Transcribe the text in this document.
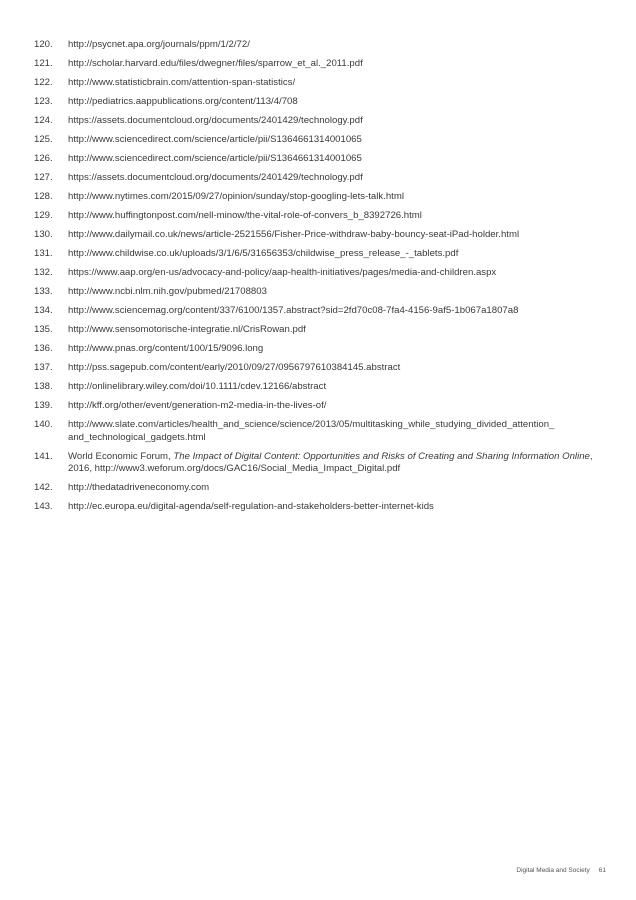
120.	http://psycnet.apa.org/journals/ppm/1/2/72/
121.	http://scholar.harvard.edu/files/dwegner/files/sparrow_et_al._2011.pdf
122.	http://www.statisticbrain.com/attention-span-statistics/
123.	http://pediatrics.aappublications.org/content/113/4/708
124.	https://assets.documentcloud.org/documents/2401429/technology.pdf
125.	http://www.sciencedirect.com/science/article/pii/S1364661314001065
126.	http://www.sciencedirect.com/science/article/pii/S1364661314001065
127.	https://assets.documentcloud.org/documents/2401429/technology.pdf
128.	http://www.nytimes.com/2015/09/27/opinion/sunday/stop-googling-lets-talk.html
129.	http://www.huffingtonpost.com/nell-minow/the-vital-role-of-convers_b_8392726.html
130.	http://www.dailymail.co.uk/news/article-2521556/Fisher-Price-withdraw-baby-bouncy-seat-iPad-holder.html
131.	http://www.childwise.co.uk/uploads/3/1/6/5/31656353/childwise_press_release_-_tablets.pdf
132.	https://www.aap.org/en-us/advocacy-and-policy/aap-health-initiatives/pages/media-and-children.aspx
133.	http://www.ncbi.nlm.nih.gov/pubmed/21708803
134.	http://www.sciencemag.org/content/337/6100/1357.abstract?sid=2fd70c08-7fa4-4156-9af5-1b067a1807a8
135.	http://www.sensomotorische-integratie.nl/CrisRowan.pdf
136.	http://www.pnas.org/content/100/15/9096.long
137.	http://pss.sagepub.com/content/early/2010/09/27/0956797610384145.abstract
138.	http://onlinelibrary.wiley.com/doi/10.1111/cdev.12166/abstract
139.	http://kff.org/other/event/generation-m2-media-in-the-lives-of/
140.	http://www.slate.com/articles/health_and_science/science/2013/05/multitasking_while_studying_divided_attention_
and_technological_gadgets.html
141.	World Economic Forum, The Impact of Digital Content: Opportunities and Risks of Creating and Sharing Information Online, 2016, http://www3.weforum.org/docs/GAC16/Social_Media_Impact_Digital.pdf
142.	http://thedatadriveneconomy.com
143.	http://ec.europa.eu/digital-agenda/self-regulation-and-stakeholders-better-internet-kids
Digital Media and Society 61
